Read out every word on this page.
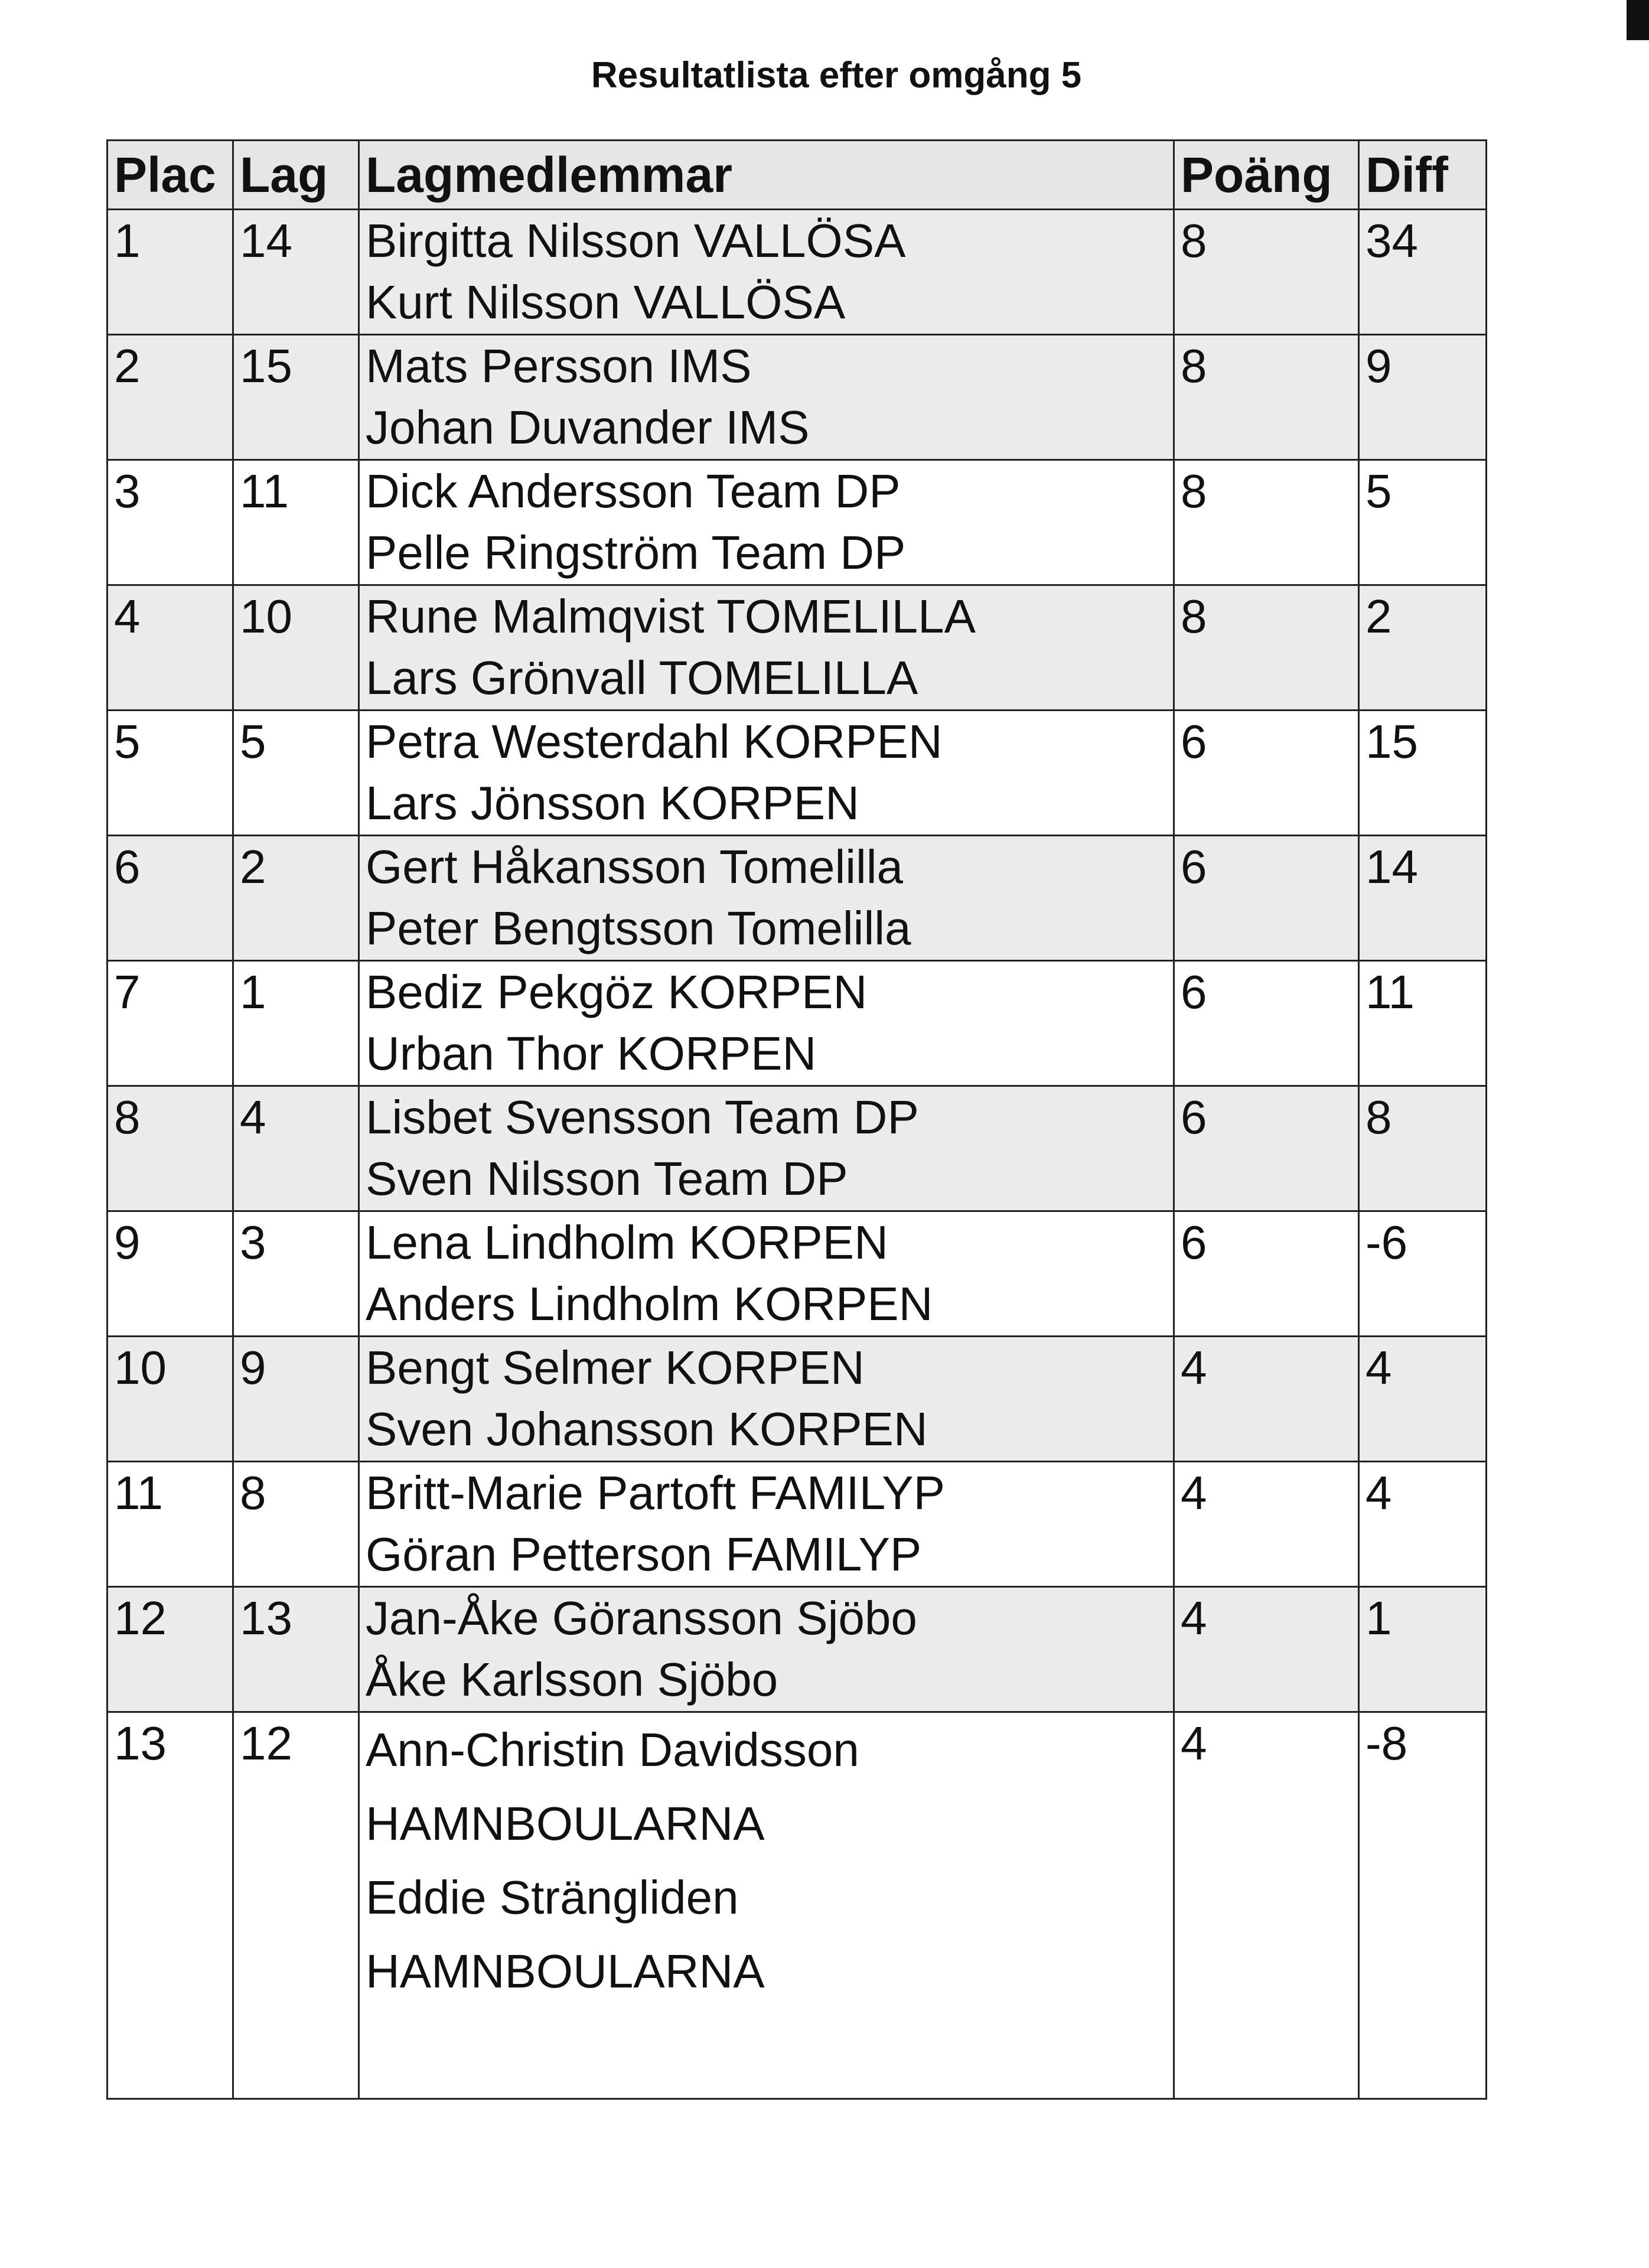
Resultatlista efter omgång 5
Plac	Lag	Lagmedlemmar	Poäng	Diff
1	14	Birgitta Nilsson VALLÖSA
Kurt Nilsson VALLÖSA	8	34
2	15	Mats Persson IMS
Johan Duvander IMS	8	9
3	11	Dick Andersson Team DP
Pelle Ringström Team DP	8	5
4	10	Rune Malmqvist TOMELILLA
Lars Grönvall TOMELILLA	8	2
5	5	Petra Westerdahl KORPEN
Lars Jönsson KORPEN	6	15
6	2	Gert Håkansson Tomelilla
Peter Bengtsson Tomelilla	6	14
7	1	Bediz Pekgöz KORPEN
Urban Thor KORPEN	6	11
8	4	Lisbet Svensson Team DP
Sven Nilsson Team DP	6	8
9	3	Lena Lindholm KORPEN
Anders Lindholm KORPEN	6	-6
10	9	Bengt Selmer KORPEN
Sven Johansson KORPEN	4	4
11	8	Britt-Marie Partoft FAMILYP
Göran Petterson FAMILYP	4	4
12	13	Jan-Åke Göransson Sjöbo
Åke Karlsson Sjöbo	4	1
13	12	Ann-Christin Davidsson
HAMNBOULARNA
Eddie Strängliden
HAMNBOULARNA	4	-8
